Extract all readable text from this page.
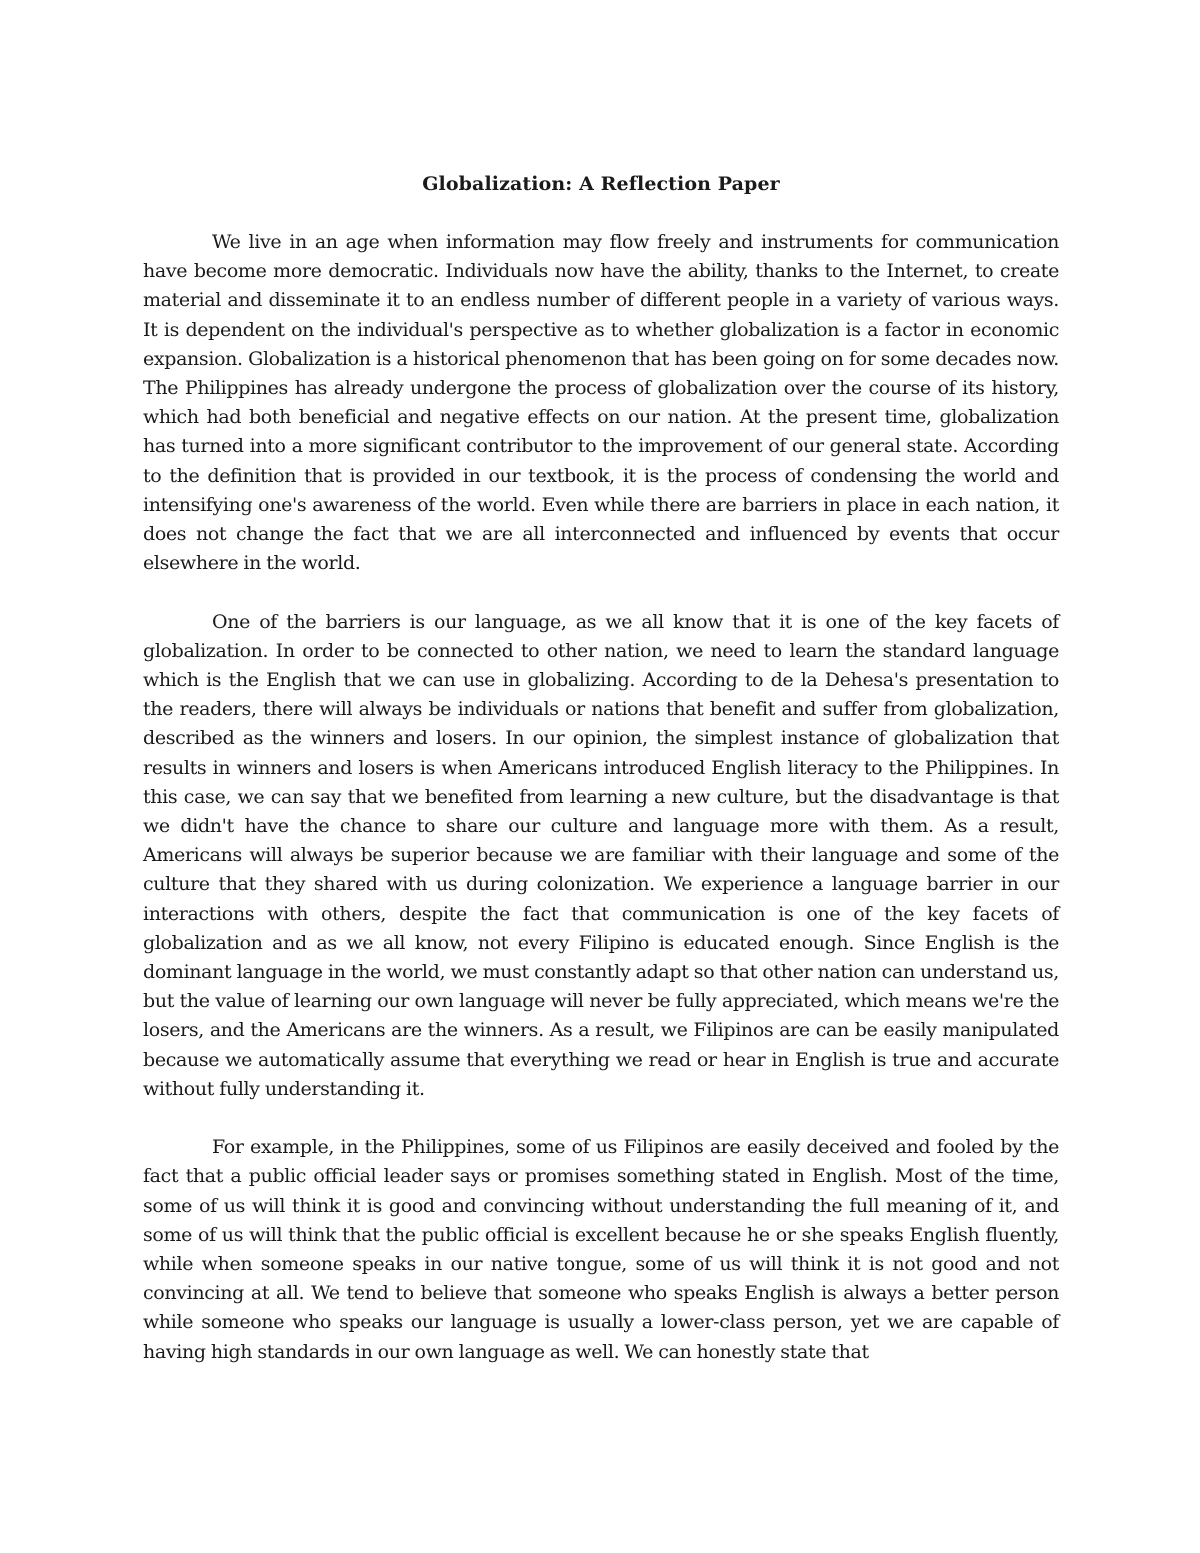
Globalization: A Reflection Paper

We live in an age when information may flow freely and instruments for communication have become more democratic. Individuals now have the ability, thanks to the Internet, to create material and disseminate it to an endless number of different people in a variety of various ways. It is dependent on the individual's perspective as to whether globalization is a factor in economic expansion. Globalization is a historical phenomenon that has been going on for some decades now. The Philippines has already undergone the process of globalization over the course of its history, which had both beneficial and negative effects on our nation. At the present time, globalization has turned into a more significant contributor to the improvement of our general state. According to the definition that is provided in our textbook, it is the process of condensing the world and intensifying one's awareness of the world. Even while there are barriers in place in each nation, it does not change the fact that we are all interconnected and influenced by events that occur elsewhere in the world.

One of the barriers is our language, as we all know that it is one of the key facets of globalization. In order to be connected to other nation, we need to learn the standard language which is the English that we can use in globalizing. According to de la Dehesa's presentation to the readers, there will always be individuals or nations that benefit and suffer from globalization, described as the winners and losers. In our opinion, the simplest instance of globalization that results in winners and losers is when Americans introduced English literacy to the Philippines. In this case, we can say that we benefited from learning a new culture, but the disadvantage is that we didn't have the chance to share our culture and language more with them. As a result, Americans will always be superior because we are familiar with their language and some of the culture that they shared with us during colonization. We experience a language barrier in our interactions with others, despite the fact that communication is one of the key facets of globalization and as we all know, not every Filipino is educated enough. Since English is the dominant language in the world, we must constantly adapt so that other nation can understand us, but the value of learning our own language will never be fully appreciated, which means we're the losers, and the Americans are the winners. As a result, we Filipinos are can be easily manipulated because we automatically assume that everything we read or hear in English is true and accurate without fully understanding it.

For example, in the Philippines, some of us Filipinos are easily deceived and fooled by the fact that a public official leader says or promises something stated in English. Most of the time, some of us will think it is good and convincing without understanding the full meaning of it, and some of us will think that the public official is excellent because he or she speaks English fluently, while when someone speaks in our native tongue, some of us will think it is not good and not convincing at all. We tend to believe that someone who speaks English is always a better person while someone who speaks our language is usually a lower-class person, yet we are capable of having high standards in our own language as well. We can honestly state that
